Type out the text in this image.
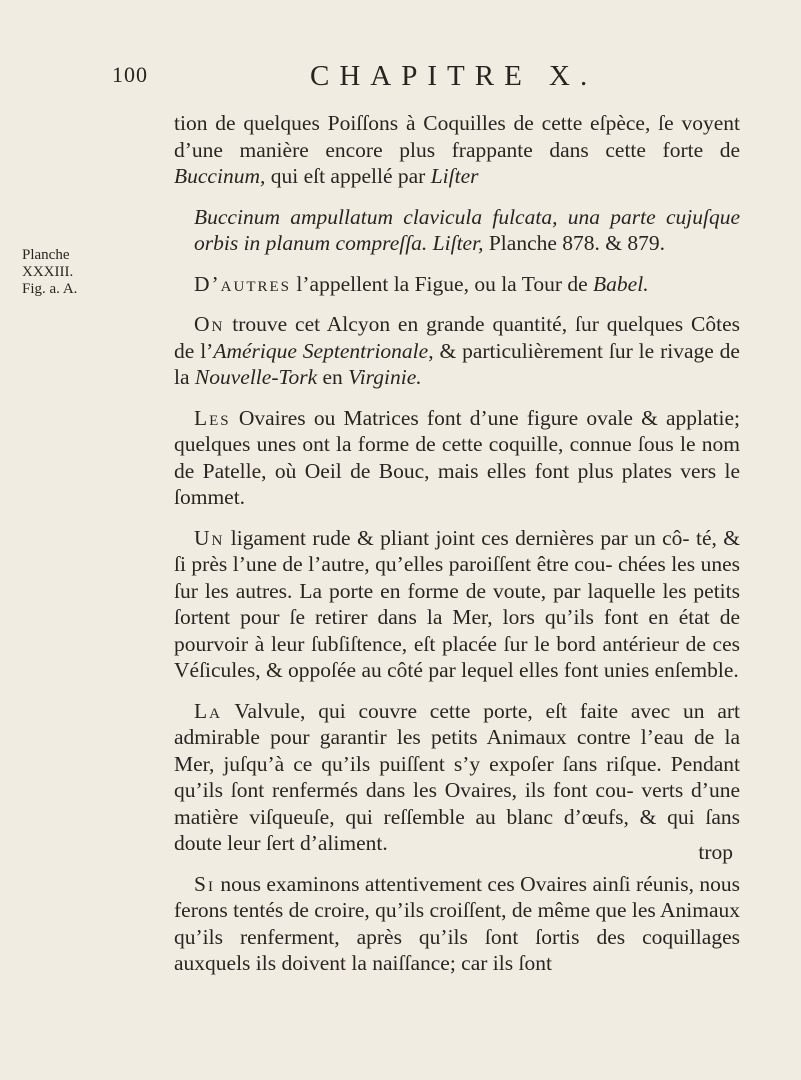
100	CHAPITRE X.
Planche
XXXIII.
Fig. a. A.

tion de quelques Poiſſons à Coquilles de cette eſpèce, ſe voyent d’une manière encore plus frappante dans cette forte de Buccinum, qui eſt appellé par Liſter

Buccinum ampullatum clavicula fulcata, una parte cujuſque orbis in planum compreſſa. Liſter, Planche 878. & 879.

D’autres l’appellent la Figue, ou la Tour de Babel.

On trouve cet Alcyon en grande quantité, ſur quelques Côtes de l’Amérique Septentrionale, & particulièrement ſur le rivage de la Nouvelle-Tork en Virginie.

Les Ovaires ou Matrices font d’une figure ovale & applatie; quelques unes ont la forme de cette coquille, connue ſous le nom de Patelle, où Oeil de Bouc, mais elles font plus plates vers le ſommet.

Un ligament rude & pliant joint ces dernières par un cô- té, & ſi près l’une de l’autre, qu’elles paroiſſent être cou- chées les unes ſur les autres. La porte en forme de voute, par laquelle les petits ſortent pour ſe retirer dans la Mer, lors qu’ils font en état de pourvoir à leur ſubſiſtence, eſt placée ſur le bord antérieur de ces Véſicules, & oppoſée au côté par lequel elles font unies enſemble.

La Valvule, qui couvre cette porte, eſt faite avec un art admirable pour garantir les petits Animaux contre l’eau de la Mer, juſqu’à ce qu’ils puiſſent s’y expoſer ſans riſque. Pendant qu’ils ſont renfermés dans les Ovaires, ils font cou- verts d’une matière viſqueuſe, qui reſſemble au blanc d’œufs, & qui ſans doute leur ſert d’aliment.

Si nous examinons attentivement ces Ovaires ainſi réunis, nous ferons tentés de croire, qu’ils croiſſent, de même que les Animaux qu’ils renferment, après qu’ils ſont ſortis des coquillages auxquels ils doivent la naiſſance; car ils ſont

trop
